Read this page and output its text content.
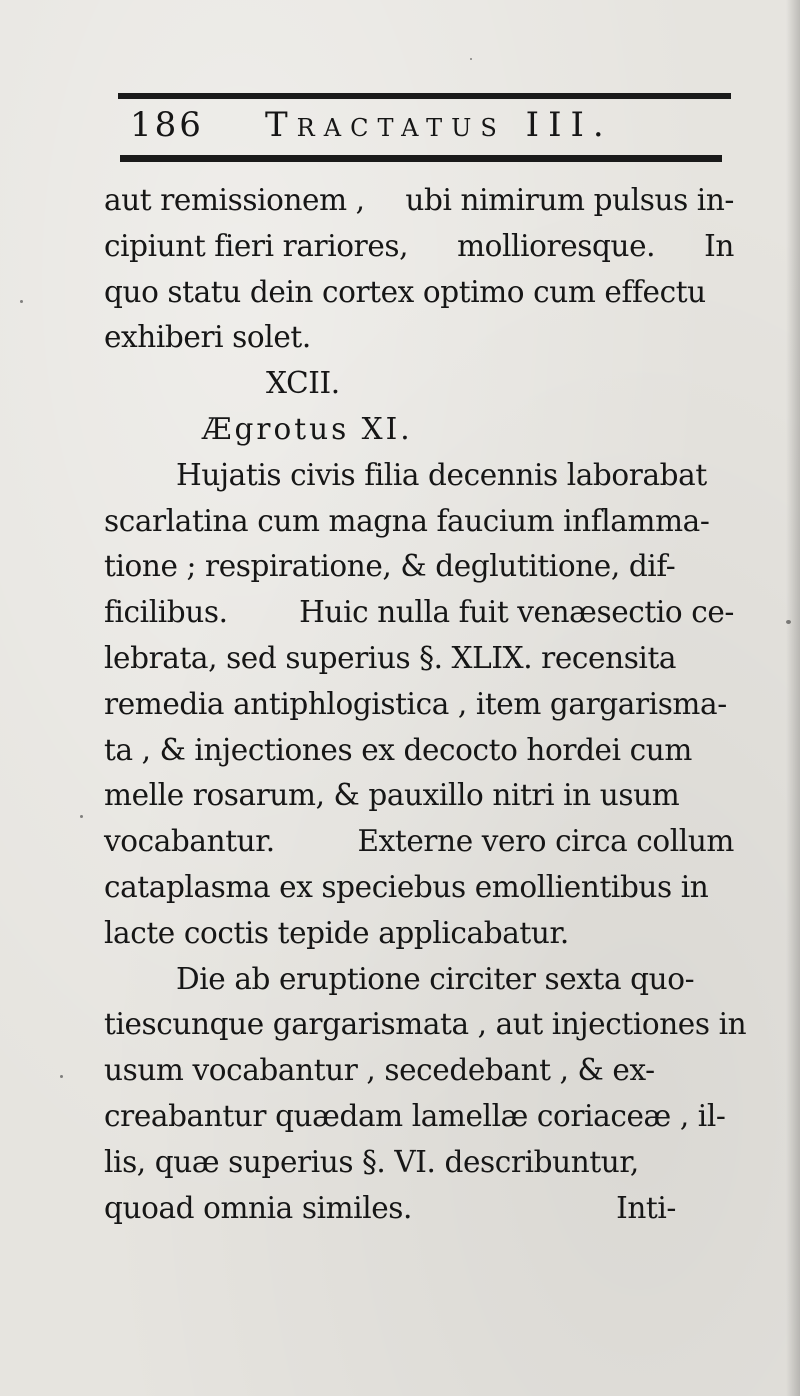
186 Tractatus III.
aut remissionem , ubi nimirum pulsus in-
cipiunt fieri rariores, mollioresque. In
quo statu dein cortex optimo cum effectu
exhiberi solet.
XCII.
Ægrotus XI.
Hujatis civis filia decennis laborabat
scarlatina cum magna faucium inflamma-
tione ; respiratione, & deglutitione, dif-
ficilibus. Huic nulla fuit venæsectio ce-
lebrata, sed superius §. XLIX. recensita
remedia antiphlogistica , item gargarisma-
ta , & injectiones ex decocto hordei cum
melle rosarum, & pauxillo nitri in usum
vocabantur.	Externe vero circa collum
cataplasma ex speciebus emollientibus in
lacte coctis tepide applicabatur.
Die ab eruptione circiter sexta quo-
tiescunque gargarismata , aut injectiones in
usum vocabantur , secedebant , & ex-
creabantur quædam lamellæ coriaceæ , il-
lis, quæ superius §. VI. describuntur,
quoad omnia similes.	Inti-
